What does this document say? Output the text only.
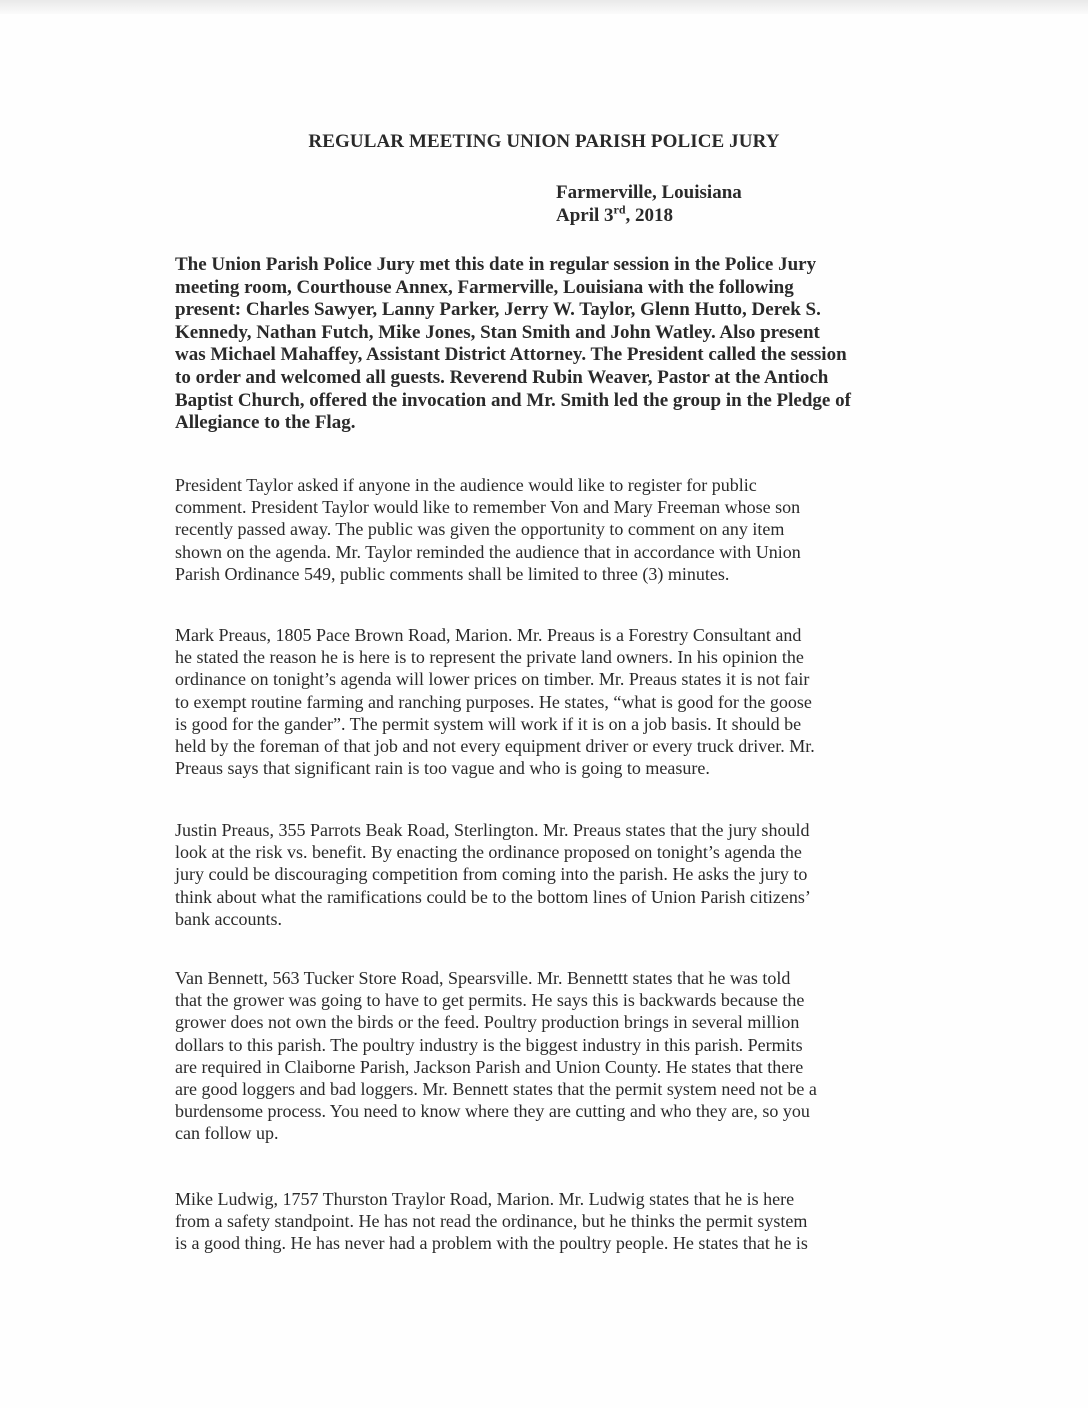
REGULAR MEETING UNION PARISH POLICE JURY
Farmerville, Louisiana
April 3rd, 2018
The Union Parish Police Jury met this date in regular session in the Police Jury
meeting room, Courthouse Annex, Farmerville, Louisiana with the following
present: Charles Sawyer, Lanny Parker, Jerry W. Taylor, Glenn Hutto, Derek S.
Kennedy, Nathan Futch, Mike Jones, Stan Smith and John Watley. Also present
was Michael Mahaffey, Assistant District Attorney. The President called the session
to order and welcomed all guests. Reverend Rubin Weaver, Pastor at the Antioch
Baptist Church, offered the invocation and Mr. Smith led the group in the Pledge of
Allegiance to the Flag.
President Taylor asked if anyone in the audience would like to register for public
comment. President Taylor would like to remember Von and Mary Freeman whose son
recently passed away. The public was given the opportunity to comment on any item
shown on the agenda. Mr. Taylor reminded the audience that in accordance with Union
Parish Ordinance 549, public comments shall be limited to three (3) minutes.
Mark Preaus, 1805 Pace Brown Road, Marion. Mr. Preaus is a Forestry Consultant and
he stated the reason he is here is to represent the private land owners. In his opinion the
ordinance on tonight’s agenda will lower prices on timber. Mr. Preaus states it is not fair
to exempt routine farming and ranching purposes. He states, “what is good for the goose
is good for the gander”. The permit system will work if it is on a job basis. It should be
held by the foreman of that job and not every equipment driver or every truck driver. Mr.
Preaus says that significant rain is too vague and who is going to measure.
Justin Preaus, 355 Parrots Beak Road, Sterlington. Mr. Preaus states that the jury should
look at the risk vs. benefit. By enacting the ordinance proposed on tonight’s agenda the
jury could be discouraging competition from coming into the parish. He asks the jury to
think about what the ramifications could be to the bottom lines of Union Parish citizens’
bank accounts.
Van Bennett, 563 Tucker Store Road, Spearsville. Mr. Bennettt states that he was told
that the grower was going to have to get permits. He says this is backwards because the
grower does not own the birds or the feed. Poultry production brings in several million
dollars to this parish. The poultry industry is the biggest industry in this parish. Permits
are required in Claiborne Parish, Jackson Parish and Union County. He states that there
are good loggers and bad loggers. Mr. Bennett states that the permit system need not be a
burdensome process. You need to know where they are cutting and who they are, so you
can follow up.
Mike Ludwig, 1757 Thurston Traylor Road, Marion. Mr. Ludwig states that he is here
from a safety standpoint. He has not read the ordinance, but he thinks the permit system
is a good thing. He has never had a problem with the poultry people. He states that he is
